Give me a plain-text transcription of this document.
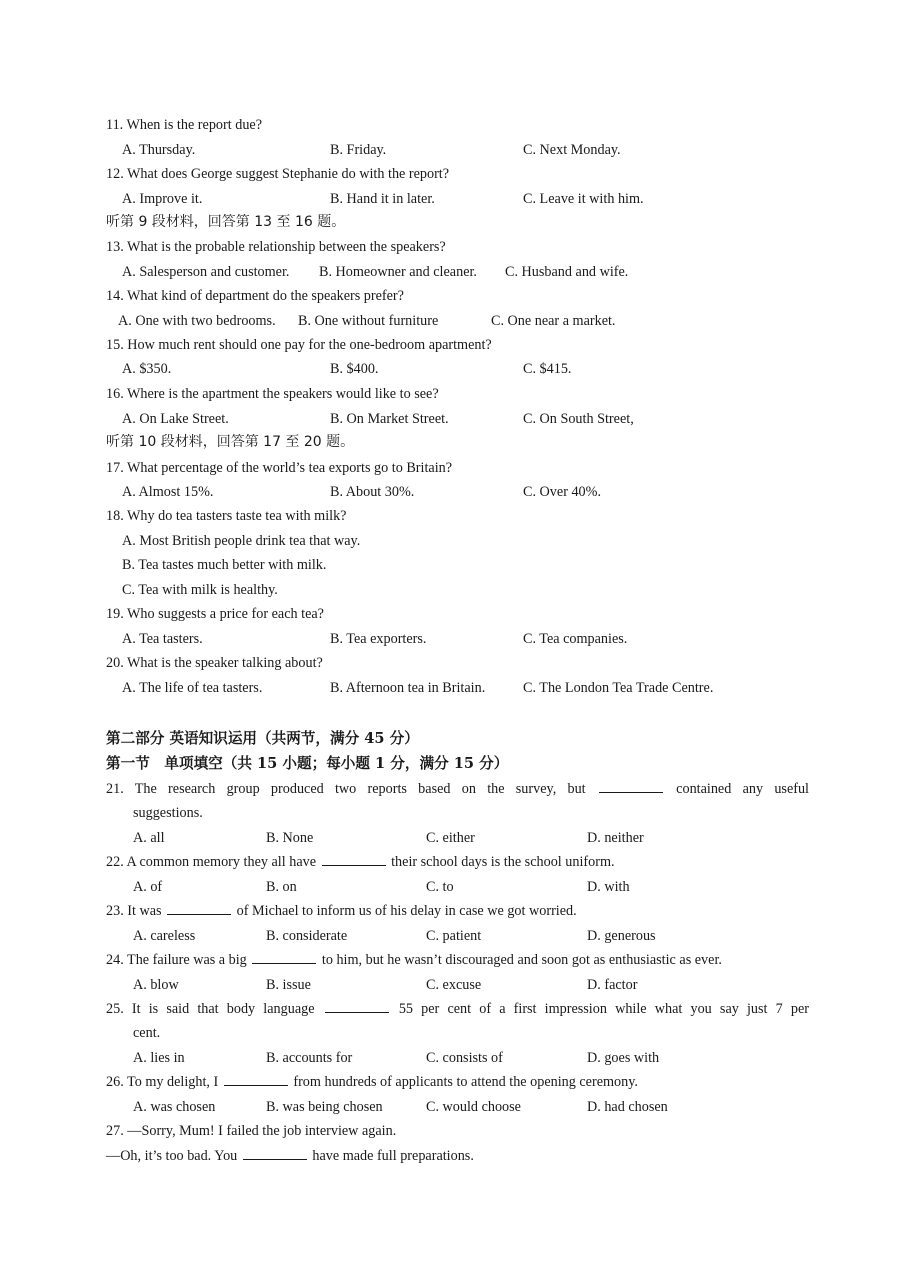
11. When is the report due?
A. Thursday.	B. Friday.	C. Next Monday.
12. What does George suggest Stephanie do with the report?
A. Improve it.	B. Hand it in later.	C. Leave it with him.
听第 9 段材料，回答第 13 至 16 题。
13. What is the probable relationship between the speakers?
A. Salesperson and customer. B. Homeowner and cleaner. C. Husband and wife.
14. What kind of department do the speakers prefer?
A. One with two bedrooms. B. One without furniture	C. One near a market.
15. How much rent should one pay for the one-bedroom apartment?
A. $350.	B. $400.	C. $415.
16. Where is the apartment the speakers would like to see?
A. On Lake Street.	B. On Market Street.	C. On South Street,
听第 10 段材料，回答第 17 至 20 题。
17. What percentage of the world’s tea exports go to Britain?
A. Almost 15%.	B. About 30%.	C. Over 40%.
18. Why do tea tasters taste tea with milk?
A. Most British people drink tea that way.
B. Tea tastes much better with milk.
C. Tea with milk is healthy.
19. Who suggests a price for each tea?
A. Tea tasters.	B. Tea exporters.	C. Tea companies.
20. What is the speaker talking about?
A. The life of tea tasters.	B. Afternoon tea in Britain.	C. The London Tea Trade Centre.
第二部分 英语知识运用（共两节，满分 45 分）
第一节　单项填空（共 15 小题；每小题 1 分，满分 15 分）
21. The research group produced two reports based on the survey, but	contained any useful
suggestions.
A. all	B. None	C. either	D. neither
22. A common memory they all have	their school days is the school uniform.
A. of	B. on	C. to	D. with
23. It was	of Michael to inform us of his delay in case we got worried.
A. careless	B. considerate	C. patient	D. generous
24. The failure was a big	to him, but he wasn’t discouraged and soon got as enthusiastic as ever.
A. blow	B. issue	C. excuse	D. factor
25. It is said that body language	55 per cent of a first impression while what you say just 7 per
cent.
A. lies in	B. accounts for	C. consists of	D. goes with
26. To my delight, I	from hundreds of applicants to attend the opening ceremony.
A. was chosen	B. was being chosen	C. would choose	D. had chosen
27. —Sorry, Mum! I failed the job interview again.
—Oh, it’s too bad. You	have made full preparations.
